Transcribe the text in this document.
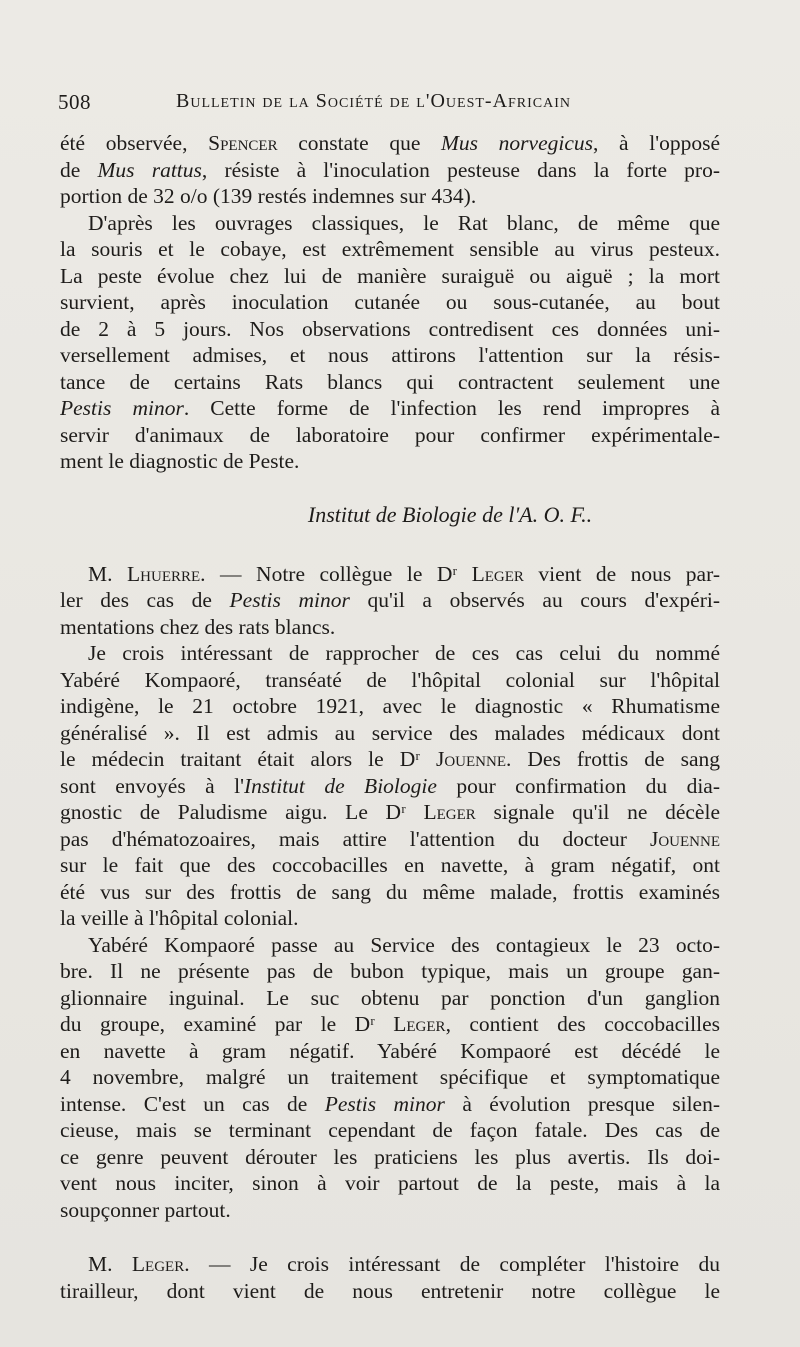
508	Bulletin de la Société de l'Ouest-Africain
été observée, Spencer constate que Mus norvegicus, à l'opposé
de Mus rattus, résiste à l'inoculation pesteuse dans la forte pro-
portion de 32 o/o (139 restés indemnes sur 434).
D'après les ouvrages classiques, le Rat blanc, de même que
la souris et le cobaye, est extrêmement sensible au virus pesteux.
La peste évolue chez lui de manière suraiguë ou aiguë ; la mort
survient, après inoculation cutanée ou sous-cutanée, au bout
de 2 à 5 jours. Nos observations contredisent ces données uni-
versellement admises, et nous attirons l'attention sur la résis-
tance de certains Rats blancs qui contractent seulement une
Pestis minor. Cette forme de l'infection les rend impropres à
servir d'animaux de laboratoire pour confirmer expérimentale-
ment le diagnostic de Peste.
Institut de Biologie de l'A. O. F..
M. Lhuerre. — Notre collègue le Dʳ Leger vient de nous par-
ler des cas de Pestis minor qu'il a observés au cours d'expéri-
mentations chez des rats blancs.
Je crois intéressant de rapprocher de ces cas celui du nommé
Yabéré Kompaoré, transéaté de l'hôpital colonial sur l'hôpital
indigène, le 21 octobre 1921, avec le diagnostic « Rhumatisme
généralisé ». Il est admis au service des malades médicaux dont
le médecin traitant était alors le Dʳ Jouenne. Des frottis de sang
sont envoyés à l'Institut de Biologie pour confirmation du dia-
gnostic de Paludisme aigu. Le Dʳ Leger signale qu'il ne décèle
pas d'hématozoaires, mais attire l'attention du docteur Jouenne
sur le fait que des coccobacilles en navette, à gram négatif, ont
été vus sur des frottis de sang du même malade, frottis examinés
la veille à l'hôpital colonial.
Yabéré Kompaoré passe au Service des contagieux le 23 octo-
bre. Il ne présente pas de bubon typique, mais un groupe gan-
glionnaire inguinal. Le suc obtenu par ponction d'un ganglion
du groupe, examiné par le Dʳ Leger, contient des coccobacilles
en navette à gram négatif. Yabéré Kompaoré est décédé le
4 novembre, malgré un traitement spécifique et symptomatique
intense. C'est un cas de Pestis minor à évolution presque silen-
cieuse, mais se terminant cependant de façon fatale. Des cas de
ce genre peuvent dérouter les praticiens les plus avertis. Ils doi-
vent nous inciter, sinon à voir partout de la peste, mais à la
soupçonner partout.
M. Leger. — Je crois intéressant de compléter l'histoire du
tirailleur, dont vient de nous entretenir notre collègue le
